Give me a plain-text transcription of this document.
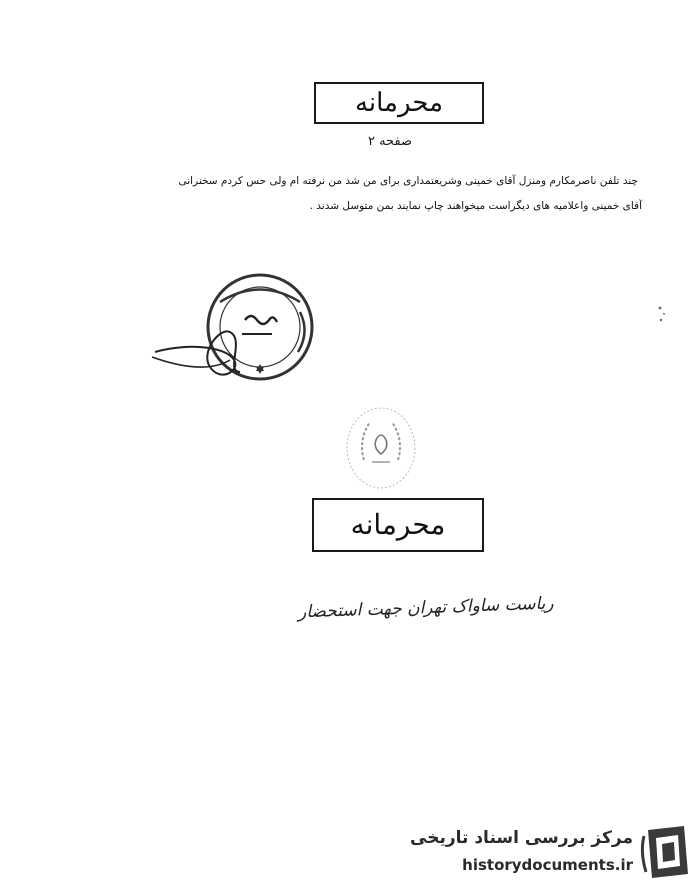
محرمانه
صفحه ۲
چند تلفن ناصرمکارم ومنزل آقای خمینی وشریعتمداری برای من شد من نرفته ام ولی حس کردم سخنرانی
آقای خمینی واعلامیه های دیگراست میخواهند چاپ نمایند بمن متوسل شدند .
محرمانه
ریاست ساواک تهران جهت استحضار
مرکز بررسی اسناد تاریخی
historydocuments.ir
